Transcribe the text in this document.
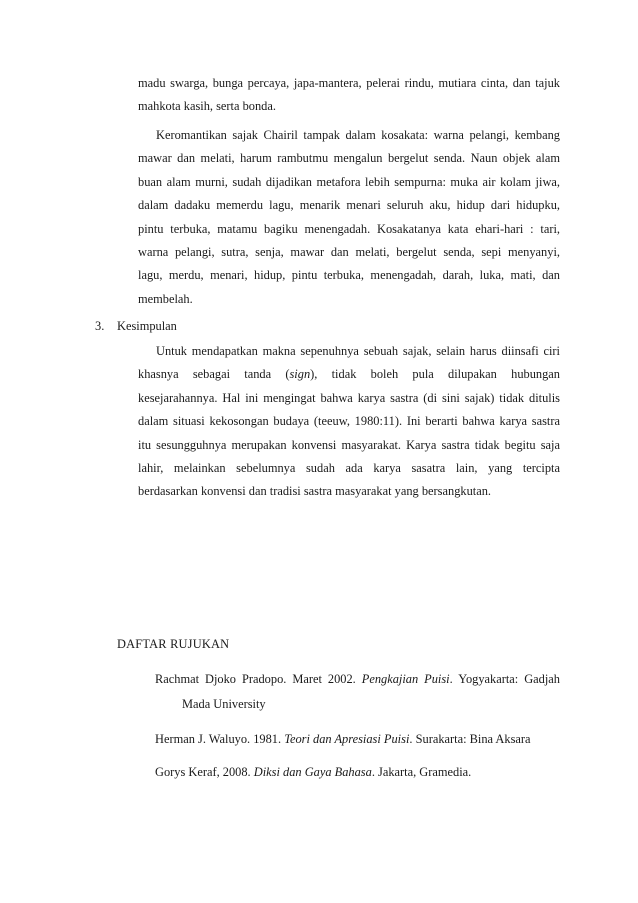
madu swarga, bunga percaya, japa-mantera, pelerai rindu, mutiara cinta, dan tajuk
mahkota kasih, serta bonda.
Keromantikan sajak Chairil tampak dalam kosakata: warna pelangi, kembang
mawar dan melati, harum rambutmu mengalun bergelut senda. Naun objek alam
buan alam murni, sudah dijadikan metafora lebih sempurna: muka air kolam jiwa,
dalam dadaku memerdu lagu, menarik menari seluruh aku, hidup dari hidupku,
pintu terbuka, matamu bagiku menengadah. Kosakatanya kata ehari-hari : tari,
warna pelangi, sutra, senja, mawar dan melati, bergelut senda, sepi menyanyi,
lagu, merdu, menari, hidup, pintu terbuka, menengadah, darah, luka, mati, dan
membelah.
3. Kesimpulan
Untuk mendapatkan makna sepenuhnya sebuah sajak, selain harus diinsafi ciri
khasnya sebagai tanda (sign), tidak boleh pula dilupakan hubungan
kesejarahannya. Hal ini mengingat bahwa karya sastra (di sini sajak) tidak ditulis
dalam situasi kekosongan budaya (teeuw, 1980:11). Ini berarti bahwa karya sastra
itu sesungguhnya merupakan konvensi masyarakat. Karya sastra tidak begitu saja
lahir, melainkan sebelumnya sudah ada karya sasatra lain, yang tercipta
berdasarkan konvensi dan tradisi sastra masyarakat yang bersangkutan.
DAFTAR RUJUKAN
Rachmat Djoko Pradopo. Maret 2002. Pengkajian Puisi. Yogyakarta: Gadjah
Mada University
Herman J. Waluyo. 1981. Teori dan Apresiasi Puisi. Surakarta: Bina Aksara
Gorys Keraf, 2008. Diksi dan Gaya Bahasa. Jakarta, Gramedia.
